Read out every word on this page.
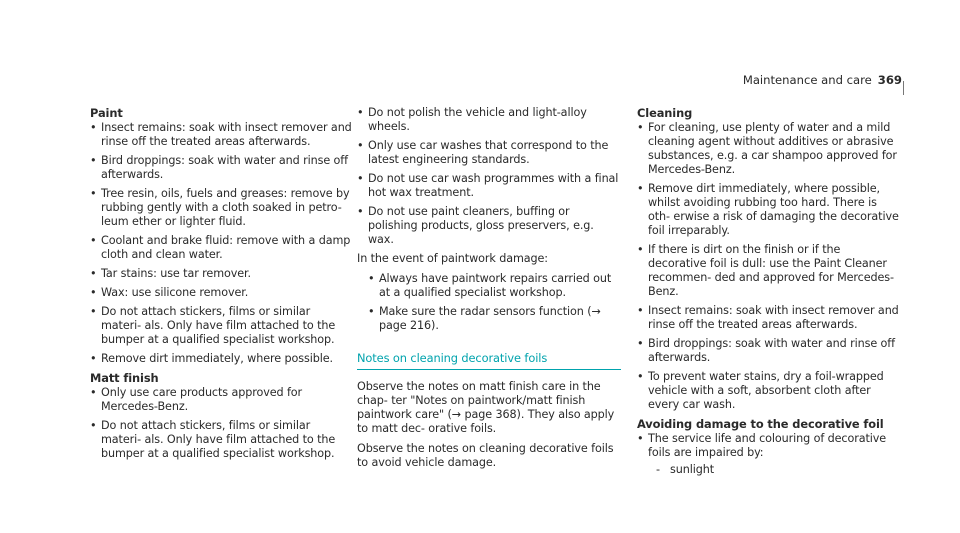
Maintenance and care 369
Paint
• Insect remains: soak with insect remover and rinse off the treated areas afterwards.
• Bird droppings: soak with water and rinse off afterwards.
• Tree resin, oils, fuels and greases: remove by rubbing gently with a cloth soaked in petro- leum ether or lighter fluid.
• Coolant and brake fluid: remove with a damp cloth and clean water.
• Tar stains: use tar remover.
• Wax: use silicone remover.
• Do not attach stickers, films or similar materi- als. Only have film attached to the bumper at a qualified specialist workshop.
• Remove dirt immediately, where possible.
Matt finish
• Only use care products approved for Mercedes-Benz.
• Do not attach stickers, films or similar materi- als. Only have film attached to the bumper at a qualified specialist workshop.
• Do not polish the vehicle and light-alloy wheels.
• Only use car washes that correspond to the latest engineering standards.
• Do not use car wash programmes with a final hot wax treatment.
• Do not use paint cleaners, buffing or polishing products, gloss preservers, e.g. wax.
In the event of paintwork damage:
• Always have paintwork repairs carried out at a qualified specialist workshop.
• Make sure the radar sensors function (→ page 216).
Notes on cleaning decorative foils
Observe the notes on matt finish care in the chap- ter "Notes on paintwork/matt finish paintwork care" (→ page 368). They also apply to matt dec- orative foils.
Observe the notes on cleaning decorative foils to avoid vehicle damage.
Cleaning
• For cleaning, use plenty of water and a mild cleaning agent without additives or abrasive substances, e.g. a car shampoo approved for Mercedes-Benz.
• Remove dirt immediately, where possible, whilst avoiding rubbing too hard. There is oth- erwise a risk of damaging the decorative foil irreparably.
• If there is dirt on the finish or if the decorative foil is dull: use the Paint Cleaner recommen- ded and approved for Mercedes-Benz.
• Insect remains: soak with insect remover and rinse off the treated areas afterwards.
• Bird droppings: soak with water and rinse off afterwards.
• To prevent water stains, dry a foil-wrapped vehicle with a soft, absorbent cloth after every car wash.
Avoiding damage to the decorative foil
• The service life and colouring of decorative foils are impaired by:
- sunlight
